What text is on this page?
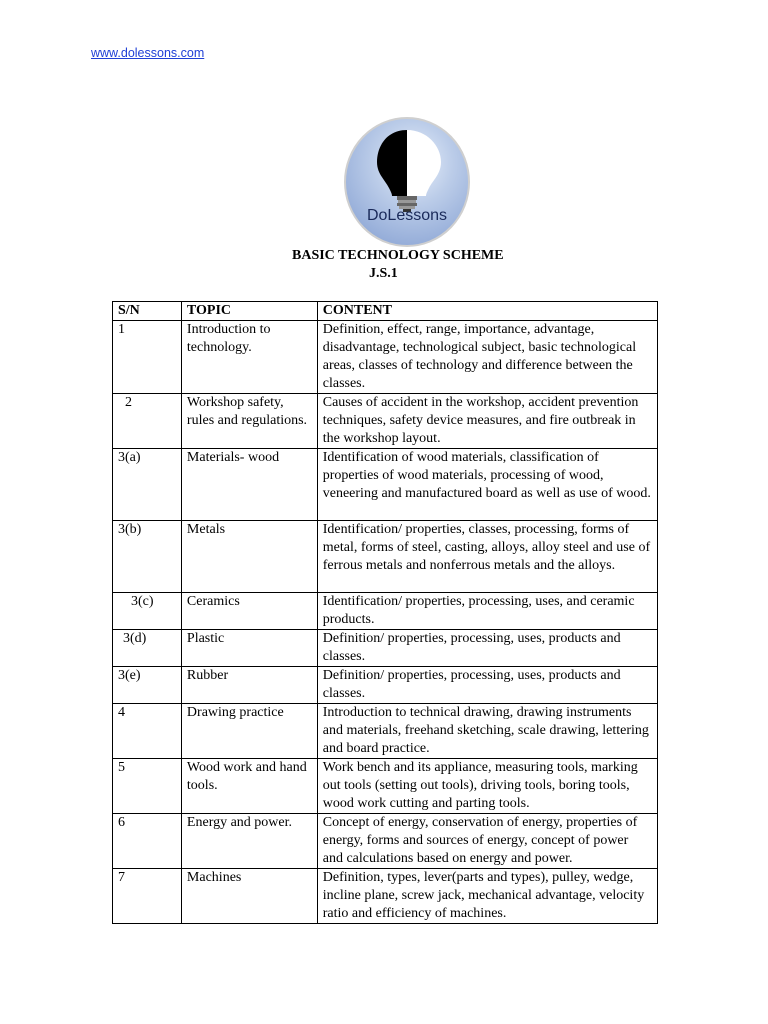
www.dolessons.com
DoLessons
BASIC TECHNOLOGY SCHEME
J.S.1
S/N	TOPIC	CONTENT
1	Introduction to technology.	Definition, effect, range, importance, advantage, disadvantage, technological subject, basic technological areas, classes of technology and difference between the classes.
2	Workshop safety, rules and regulations.	Causes of accident in the workshop, accident prevention techniques, safety device measures, and fire outbreak in the workshop layout.
3(a)	Materials- wood	Identification of wood materials, classification of properties of wood materials, processing of wood, veneering and manufactured board as well as use of wood.
3(b)	Metals	Identification/ properties, classes, processing, forms of metal, forms of steel, casting, alloys, alloy steel and use of ferrous metals and nonferrous metals and the alloys.
3(c)	Ceramics	Identification/ properties, processing, uses, and ceramic products.
3(d)	Plastic	Definition/ properties, processing, uses, products and classes.
3(e)	Rubber	Definition/ properties, processing, uses, products and classes.
4	Drawing practice	Introduction to technical drawing, drawing instruments and materials, freehand sketching, scale drawing, lettering and board practice.
5	Wood work and hand tools.	Work bench and its appliance, measuring tools, marking out tools (setting out tools), driving tools, boring tools, wood work cutting and parting tools.
6	Energy and power.	Concept of energy, conservation of energy, properties of energy, forms and sources of energy, concept of power and calculations based on energy and power.
7	Machines	Definition, types, lever(parts and types), pulley, wedge, incline plane, screw jack, mechanical advantage, velocity ratio and efficiency of machines.
